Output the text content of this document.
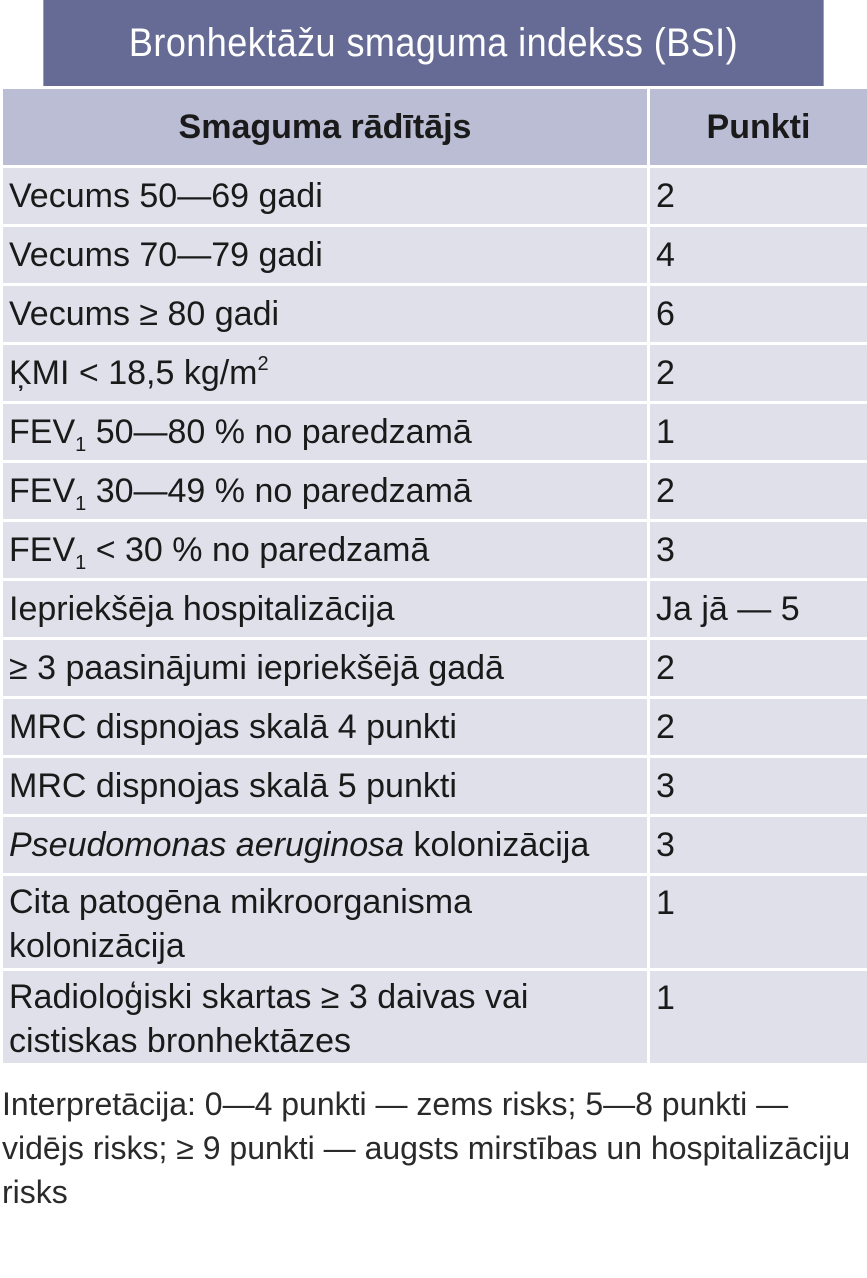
Bronhektāžu smaguma indekss (BSI)
Smaguma rādītājs	Punkti
Vecums 50—69 gadi	2
Vecums 70—79 gadi	4
Vecums ≥ 80 gadi	6
ĶMI < 18,5 $kg/m^2$	2
$FEV_1$ 50—80 % no paredzamā	1
$FEV_1$ 30—49 % no paredzamā	2
$FEV_1 < 30$ % no paredzamā	3
Iepriekšēja hospitalizācija	Ja jā — 5
≥ 3 paasinājumi iepriekšējā gadā	2
MRC dispnojas skalā 4 punkti	2
MRC dispnojas skalā 5 punkti	3
Pseudomonas aeruginosa kolonizācija	3
Cita patogēna mikroorganisma kolonizācija	1
Radioloģiski skartas ≥ 3 daivas vai cistiskas bronhektāzes	1
Interpretācija: 0—4 punkti — zems risks; 5—8 punkti — vidējs risks; ≥ 9 punkti — augsts mirstības un hospitalizāciju risks
